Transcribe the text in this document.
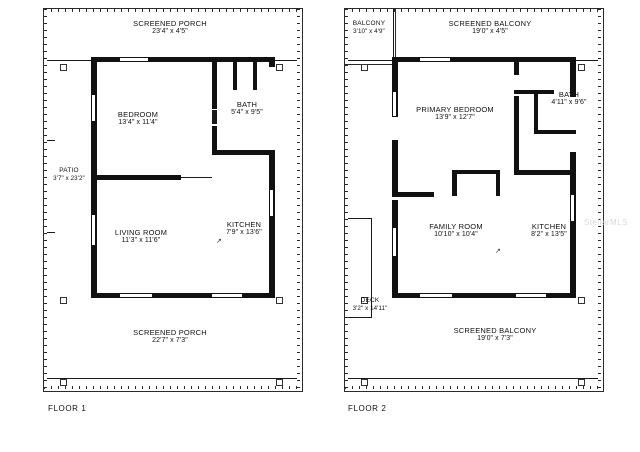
SCREENED PORCH
23'4" x 4'5"
BEDROOM
13'4" x 11'4"
BATH
5'4" x 9'5"
PATIO
3'7" x 23'2"
LIVING ROOM
11'3" x 11'6"
KITCHEN
7'9" x 13'6"
↗
SCREENED PORCH
22'7" x 7'3"
FLOOR 1
BALCONY
3'10" x 4'9"
SCREENED BALCONY
19'0" x 4'5"
PRIMARY BEDROOM
13'9" x 12'7"
BATH
4'11" x 9'6"
FAMILY ROOM
10'10" x 10'4"
↗
KITCHEN
8'2" x 13'5"
DECK
3'2" x 14'11"
SCREENED BALCONY
19'0" x 7'3"
FLOOR 2
StellarMLS
